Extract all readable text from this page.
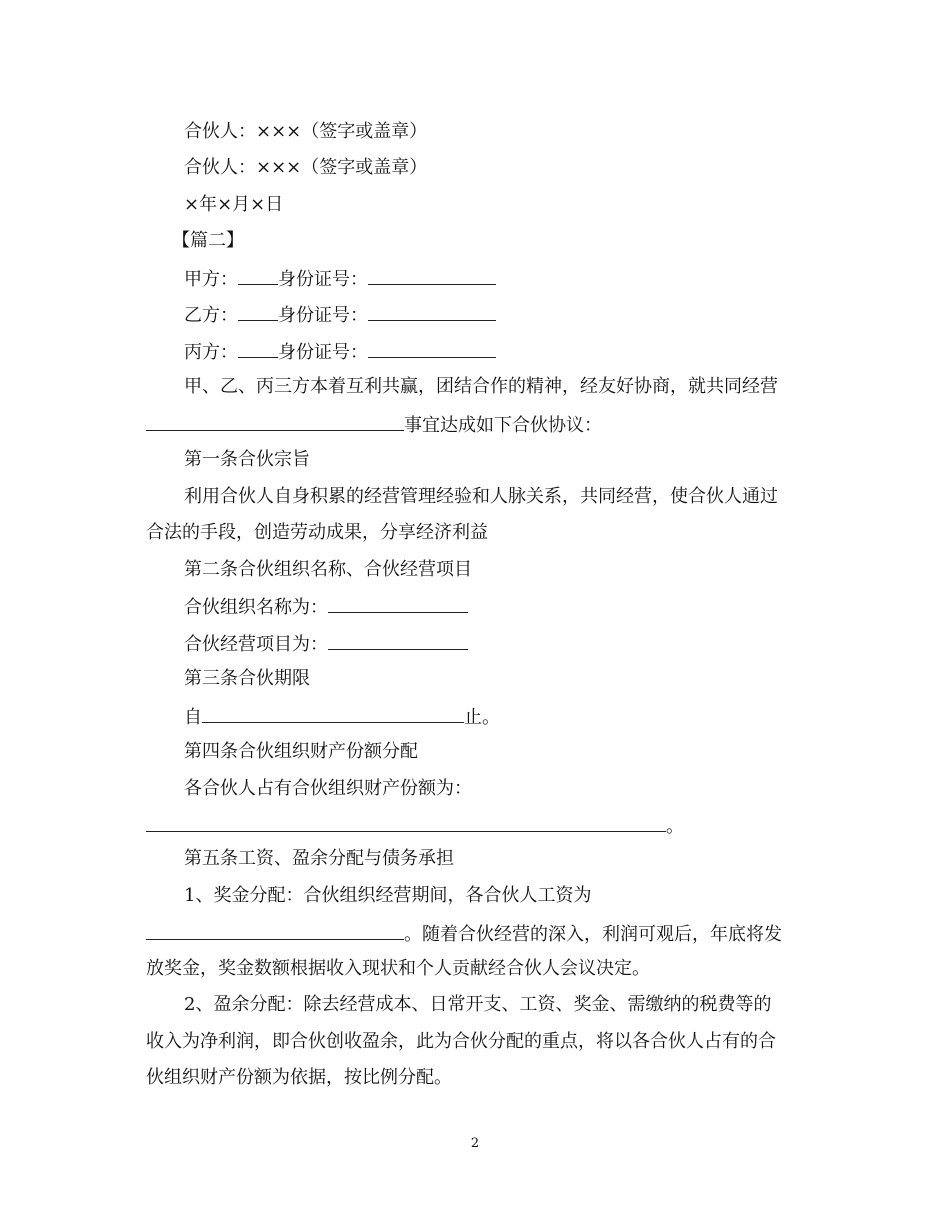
合伙人：×××（签字或盖章）
合伙人：×××（签字或盖章）
×年×月×日
【篇二】
甲方： 身份证号：
乙方： 身份证号：
丙方： 身份证号：
甲、乙、丙三方本着互利共赢，团结合作的精神，经友好协商，就共同经营
事宜达成如下合伙协议：
第一条合伙宗旨
利用合伙人自身积累的经营管理经验和人脉关系，共同经营，使合伙人通过
合法的手段，创造劳动成果，分享经济利益
第二条合伙组织名称、合伙经营项目
合伙组织名称为：
合伙经营项目为：
第三条合伙期限
自	止。
第四条合伙组织财产份额分配
各合伙人占有合伙组织财产份额为：
。
第五条工资、盈余分配与债务承担
1、奖金分配：合伙组织经营期间，各合伙人工资为
。随着合伙经营的深入，利润可观后，年底将发
放奖金，奖金数额根据收入现状和个人贡献经合伙人会议决定。
2、盈余分配：除去经营成本、日常开支、工资、奖金、需缴纳的税费等的
收入为净利润，即合伙创收盈余，此为合伙分配的重点，将以各合伙人占有的合
伙组织财产份额为依据，按比例分配。
2
